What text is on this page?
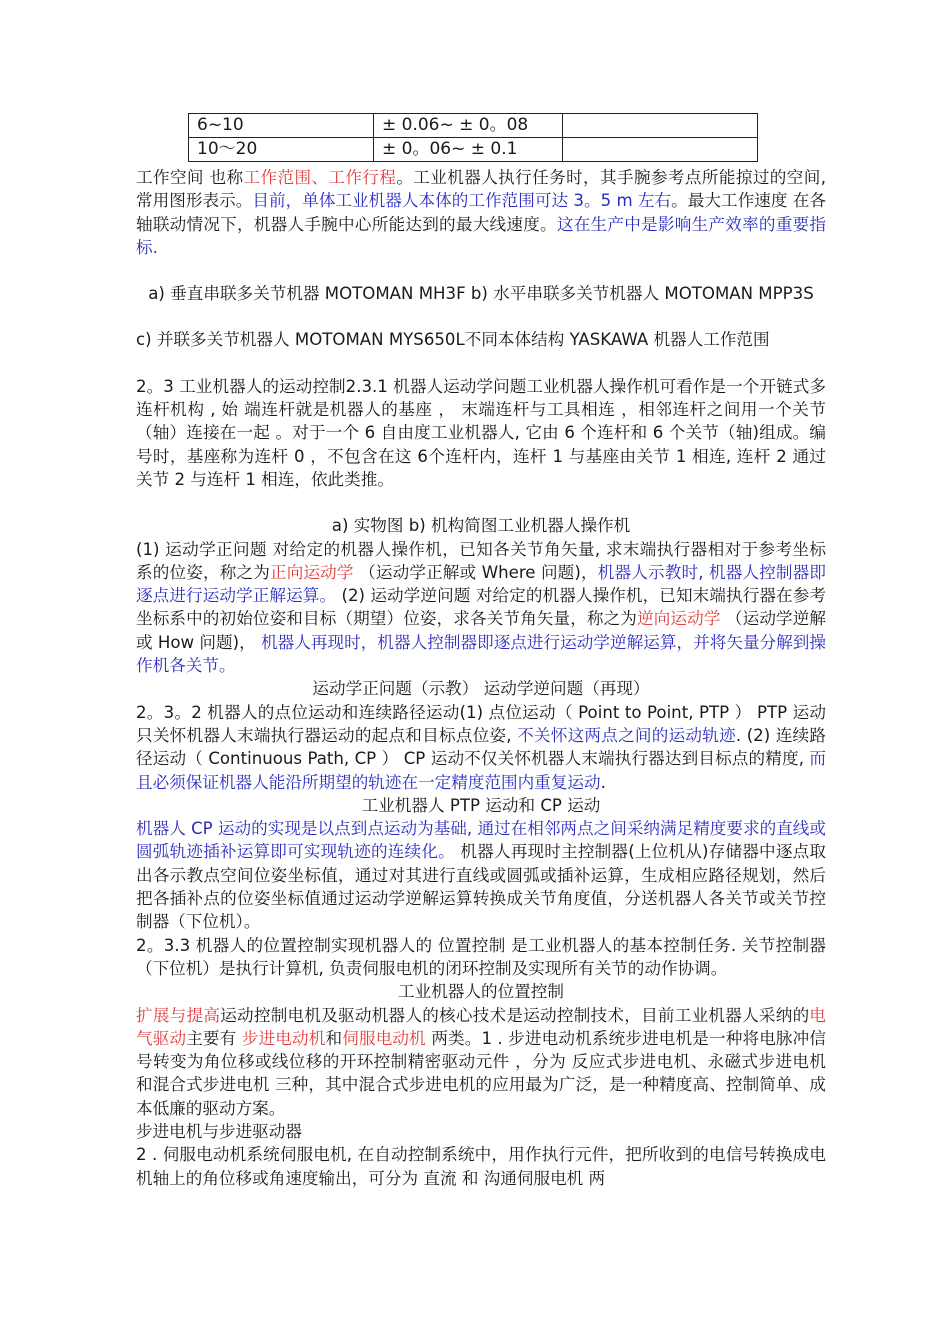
6~10	± 0.06~ ± 0。08	
10～20	± 0。06~ ± 0.1	

工作空间 也称工作范围、工作行程。工业机器人执行任务时，其手腕参考点所能掠过的空间, 常用图形表示。目前，单体工业机器人本体的工作范围可达 3。5 m 左右。最大工作速度 在各轴联动情况下，机器人手腕中心所能达到的最大线速度。这在生产中是影响生产效率的重要指标.

a) 垂直串联多关节机器 MOTOMAN MH3F b) 水平串联多关节机器人 MOTOMAN MPP3S

c) 并联多关节机器人 MOTOMAN MYS650L不同本体结构 YASKAWA 机器人工作范围

2。3 工业机器人的运动控制2.3.1 机器人运动学问题工业机器人操作机可看作是一个开链式多连杆机构 , 始 端连杆就是机器人的基座 ， 末端连杆与工具相连 ，相邻连杆之间用一个关节（轴）连接在一起 。对于一个 6 自由度工业机器人, 它由 6 个连杆和 6 个关节（轴)组成。编号时，基座称为连杆 0 ，不包含在这 6个连杆内，连杆 1 与基座由关节 1 相连, 连杆 2 通过关节 2 与连杆 1 相连，依此类推。

a) 实物图 b) 机构简图工业机器人操作机

(1) 运动学正问题 对给定的机器人操作机，已知各关节角矢量, 求末端执行器相对于参考坐标系的位姿，称之为正向运动学 （运动学正解或 Where 问题)，机器人示教时, 机器人控制器即逐点进行运动学正解运算。 (2) 运动学逆问题 对给定的机器人操作机，已知末端执行器在参考坐标系中的初始位姿和目标（期望）位姿，求各关节角矢量，称之为逆向运动学 （运动学逆解或 How 问题)， 机器人再现时，机器人控制器即逐点进行运动学逆解运算，并将矢量分解到操作机各关节。

运动学正问题（示教） 运动学逆问题（再现）

2。3。2 机器人的点位运动和连续路径运动(1) 点位运动（ Point to Point, PTP ） PTP 运动只关怀机器人末端执行器运动的起点和目标点位姿, 不关怀这两点之间的运动轨迹. (2) 连续路径运动（ Continuous Path, CP ） CP 运动不仅关怀机器人末端执行器达到目标点的精度, 而且必须保证机器人能沿所期望的轨迹在一定精度范围内重复运动.

工业机器人 PTP 运动和 CP 运动

机器人 CP 运动的实现是以点到点运动为基础, 通过在相邻两点之间采纳满足精度要求的直线或圆弧轨迹插补运算即可实现轨迹的连续化。 机器人再现时主控制器(上位机从)存储器中逐点取出各示教点空间位姿坐标值，通过对其进行直线或圆弧或插补运算，生成相应路径规划，然后把各插补点的位姿坐标值通过运动学逆解运算转换成关节角度值，分送机器人各关节或关节控制器（下位机）。

2。3.3 机器人的位置控制实现机器人的 位置控制 是工业机器人的基本控制任务. 关节控制器（下位机）是执行计算机, 负责伺服电机的闭环控制及实现所有关节的动作协调。

工业机器人的位置控制

扩展与提高运动控制电机及驱动机器人的核心技术是运动控制技术，目前工业机器人采纳的电气驱动主要有 步进电动机和伺服电动机 两类。1 . 步进电动机系统步进电机是一种将电脉冲信号转变为角位移或线位移的开环控制精密驱动元件 ，分为 反应式步进电机、永磁式步进电机和混合式步进电机 三种，其中混合式步进电机的应用最为广泛，是一种精度高、控制简单、成本低廉的驱动方案。

步进电机与步进驱动器

2 . 伺服电动机系统伺服电机, 在自动控制系统中，用作执行元件，把所收到的电信号转换成电机轴上的角位移或角速度输出，可分为 直流 和 沟通伺服电机 两
